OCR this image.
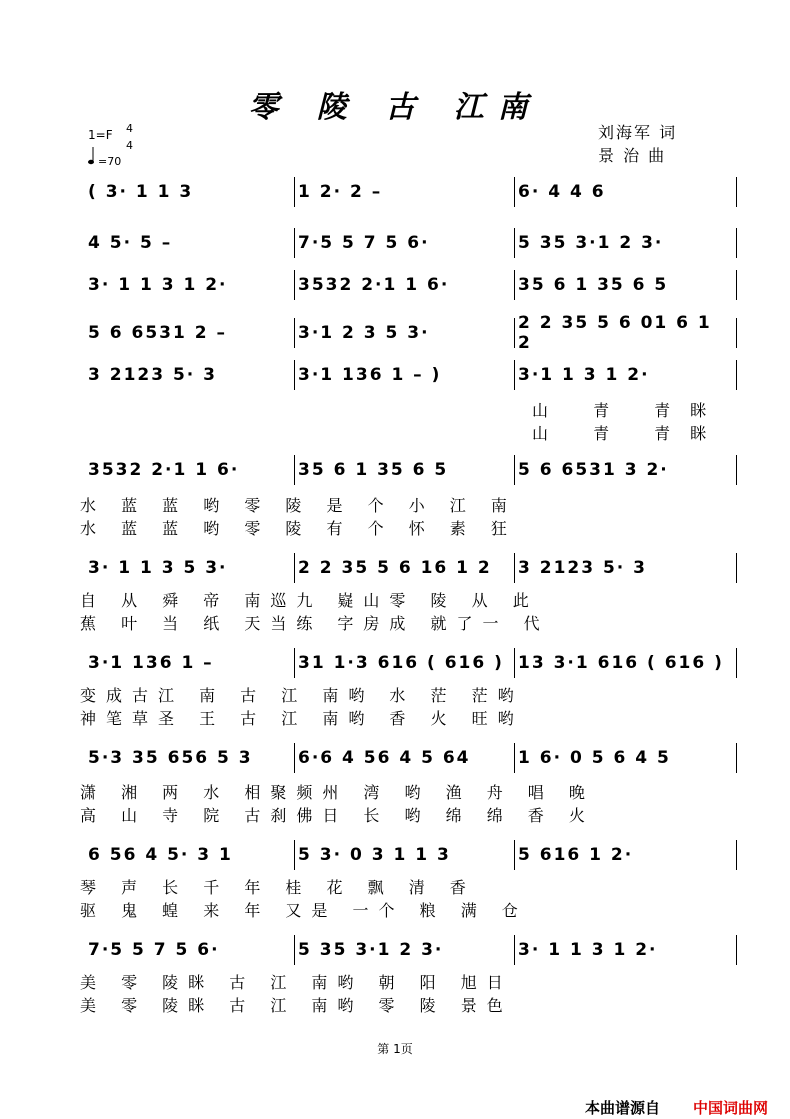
零 陵 古 江南
刘海军 词
景 治 曲
1=F 4
4
=70
( 3· 1 1 3	1 2· 2 –	6· 4 4 6
4 5· 5 –	7·5 5 7 5 6·	5 35 3·1 2 3·
3· 1 1 3 1 2·	3532 2·1 1 6·	35 6 1 35 6 5
5 6 6531 2 –	3·1 2 3 5 3·	2 2 35 5 6 01 6 1 2
3 2123 5· 3	3·1 136 1 – )	3·1 1 3 1 2·
3532 2·1 1 6·	35 6 1 35 6 5	5 6 6531 3 2·
3· 1 1 3 5 3·	2 2 35 5 6 16 1 2 3 2123 5· 3
3·1 136 1 –	31 1·3 616 ( 616 ) 13 3·1 616 ( 616 )
5·3 35 656 5 3	6·6 4 56 4 5 64	1 6· 0 5 6 4 5
6 56 4 5· 3 1	5 3· 0 3 1 1 3	5 616 1 2·
7·5 5 7 5 6·	5 35 3·1 2 3·	3· 1 1 3 1 2·
山 青 青眯
山 青 青眯
水 蓝 蓝 哟 零 陵 是 个 小 江 南
水 蓝 蓝 哟 零 陵 有 个 怀 素 狂
自 从 舜 帝 南巡九 嶷山零 陵 从 此
蕉 叶 当 纸 天当练 字房成 就了一 代
变成古江 南 古 江 南哟 水 茫 茫哟
神笔草圣 王 古 江 南哟 香 火 旺哟
潇 湘 两 水 相聚频州 湾 哟 渔 舟 唱 晚
高 山 寺 院 古刹佛日 长 哟 绵 绵 香 火
琴 声 长 千 年 桂 花 飘 清 香
驱 鬼 蝗 来 年 又是 一个 粮 满 仓
美 零 陵眯 古 江 南哟 朝 阳 旭日
美 零 陵眯 古 江 南哟 零 陵 景色
第 1页
本曲谱源自 中国词曲网
